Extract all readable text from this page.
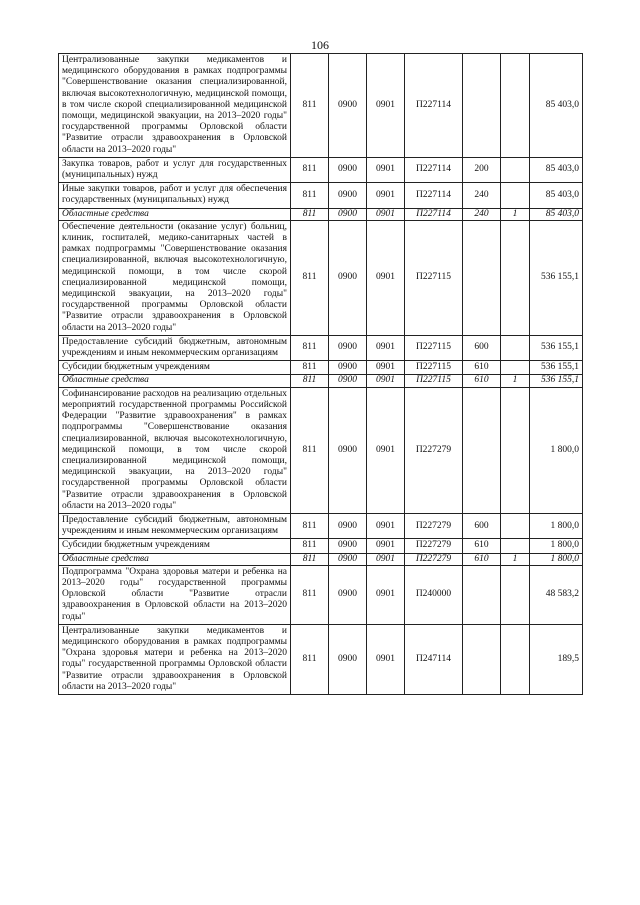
106
Централизованные закупки медикаментов и медицинского оборудования в рамках подпрограммы "Совершенствование оказания специализированной, включая высокотехнологичную, медицинской помощи, в том числе скорой специализированной медицинской помощи, медицинской эвакуации, на 2013–2020 годы" государственной программы Орловской области "Развитие отрасли здравоохранения в Орловской области на 2013–2020 годы"	811	0900	0901	П227114			85 403,0
Закупка товаров, работ и услуг для государственных (муниципальных) нужд	811	0900	0901	П227114	200		85 403,0
Иные закупки товаров, работ и услуг для обеспечения государственных (муниципальных) нужд	811	0900	0901	П227114	240		85 403,0
Областные средства	811	0900	0901	П227114	240	1	85 403,0
Обеспечение деятельности (оказание услуг) больниц, клиник, госпиталей, медико-санитарных частей в рамках подпрограммы "Совершенствование оказания специализированной, включая высокотехнологичную, медицинской помощи, в том числе скорой специализированной медицинской помощи, медицинской эвакуации, на 2013–2020 годы" государственной программы Орловской области "Развитие отрасли здравоохранения в Орловской области на 2013–2020 годы"	811	0900	0901	П227115			536 155,1
Предоставление субсидий бюджетным, автономным учреждениям и иным некоммерческим организациям	811	0900	0901	П227115	600		536 155,1
Субсидии бюджетным учреждениям	811	0900	0901	П227115	610		536 155,1
Областные средства	811	0900	0901	П227115	610	1	536 155,1
Софинансирование расходов на реализацию отдельных мероприятий государственной программы Российской Федерации "Развитие здравоохранения" в рамках подпрограммы "Совершенствование оказания специализированной, включая высокотехнологичную, медицинской помощи, в том числе скорой специализированной медицинской помощи, медицинской эвакуации, на 2013–2020 годы" государственной программы Орловской области "Развитие отрасли здравоохранения в Орловской области на 2013–2020 годы"	811	0900	0901	П227279			1 800,0
Предоставление субсидий бюджетным, автономным учреждениям и иным некоммерческим организациям	811	0900	0901	П227279	600		1 800,0
Субсидии бюджетным учреждениям	811	0900	0901	П227279	610		1 800,0
Областные средства	811	0900	0901	П227279	610	1	1 800,0
Подпрограмма "Охрана здоровья матери и ребенка на 2013–2020 годы" государственной программы Орловской области "Развитие отрасли здравоохранения в Орловской области на 2013–2020 годы"	811	0900	0901	П240000			48 583,2
Централизованные закупки медикаментов и медицинского оборудования в рамках подпрограммы "Охрана здоровья матери и ребенка на 2013–2020 годы" государственной программы Орловской области "Развитие отрасли здравоохранения в Орловской области на 2013–2020 годы"	811	0900	0901	П247114			189,5
